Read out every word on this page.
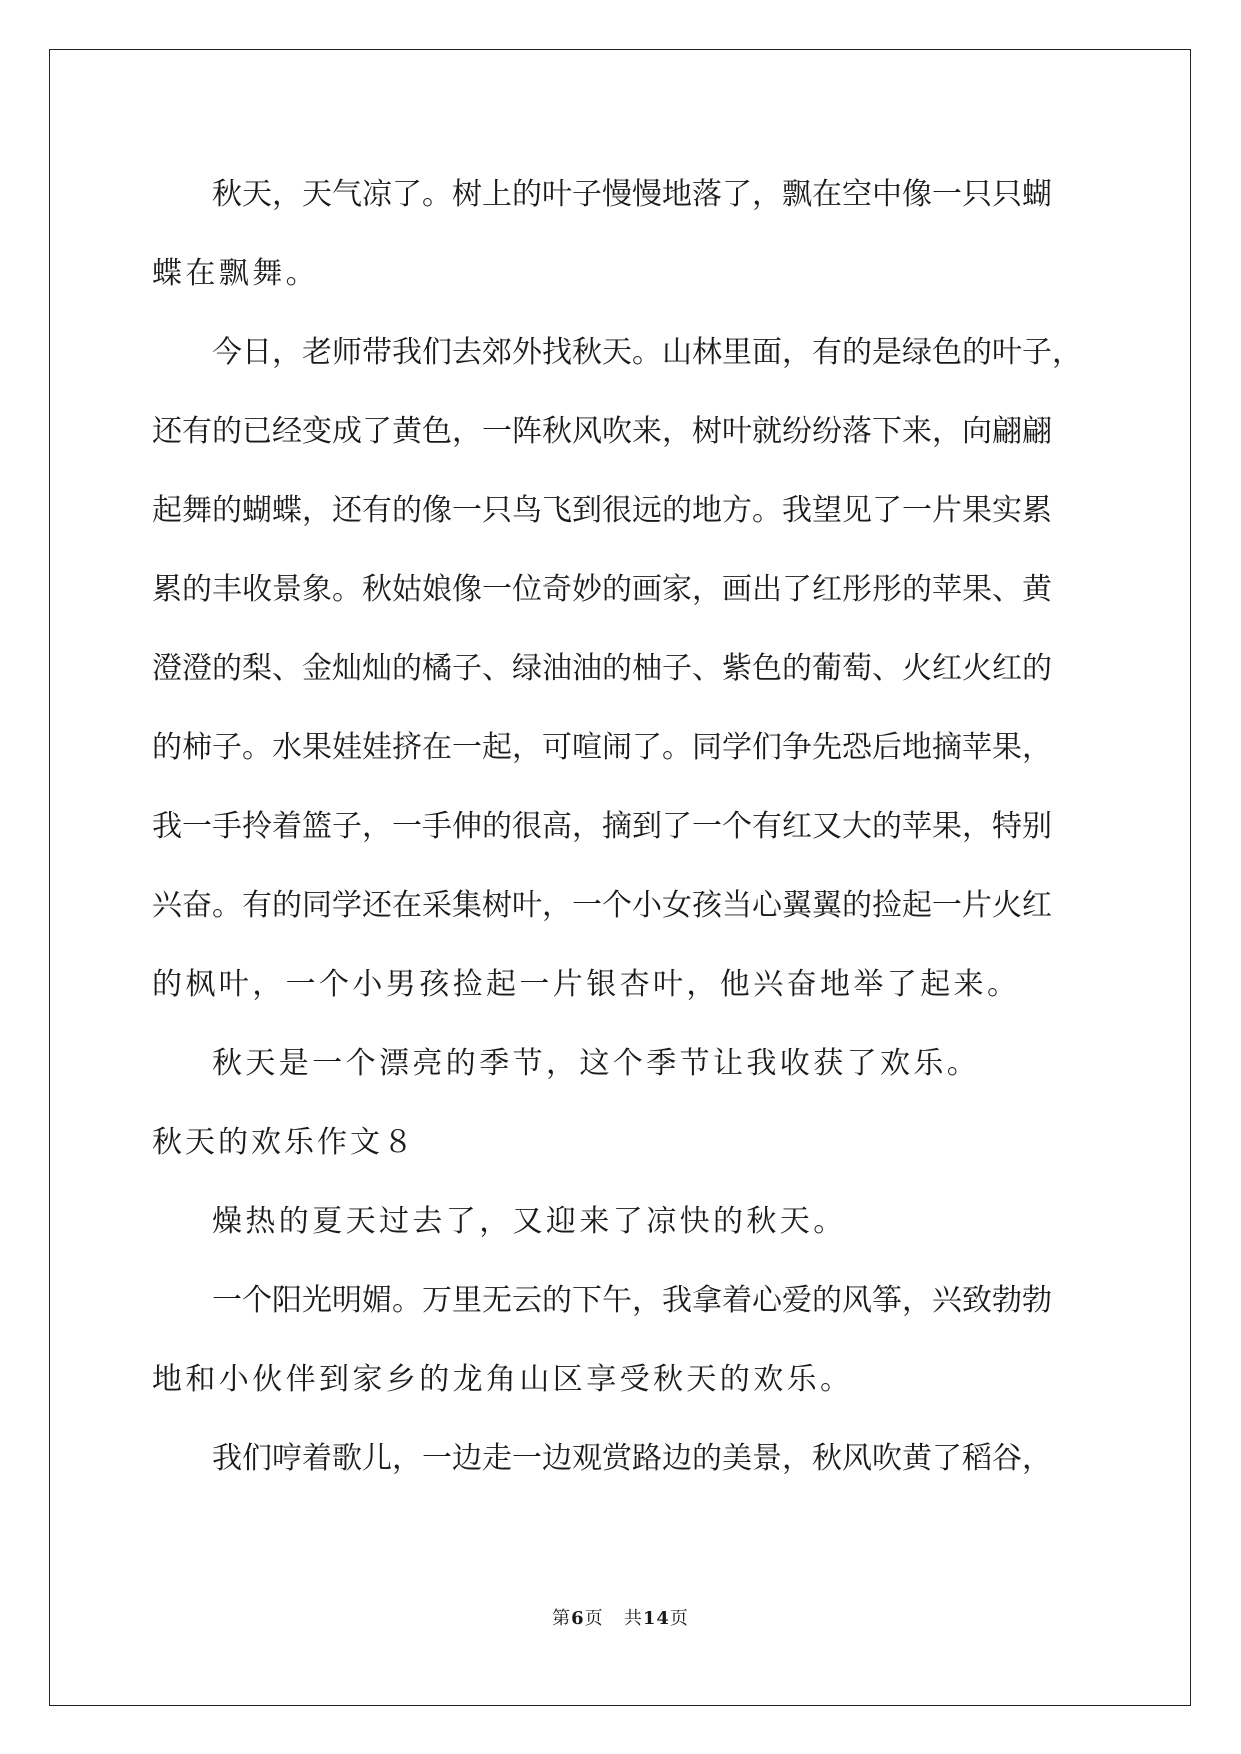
秋天，天气凉了。树上的叶子慢慢地落了，飘在空中像一只只蝴
蝶在飘舞。
今日，老师带我们去郊外找秋天。山林里面，有的是绿色的叶子，
还有的已经变成了黄色，一阵秋风吹来，树叶就纷纷落下来，向翩翩
起舞的蝴蝶，还有的像一只鸟飞到很远的地方。我望见了一片果实累
累的丰收景象。秋姑娘像一位奇妙的画家，画出了红彤彤的苹果、黄
澄澄的梨、金灿灿的橘子、绿油油的柚子、紫色的葡萄、火红火红的
的柿子。水果娃娃挤在一起，可喧闹了。同学们争先恐后地摘苹果，
我一手拎着篮子，一手伸的很高，摘到了一个有红又大的苹果，特别
兴奋。有的同学还在采集树叶，一个小女孩当心翼翼的捡起一片火红
的枫叶，一个小男孩捡起一片银杏叶，他兴奋地举了起来。
秋天是一个漂亮的季节，这个季节让我收获了欢乐。
秋天的欢乐作文８
燥热的夏天过去了，又迎来了凉快的秋天。
一个阳光明媚。万里无云的下午，我拿着心爱的风筝，兴致勃勃
地和小伙伴到家乡的龙角山区享受秋天的欢乐。
我们哼着歌儿，一边走一边观赏路边的美景，秋风吹黄了稻谷，
第6页 共14页
